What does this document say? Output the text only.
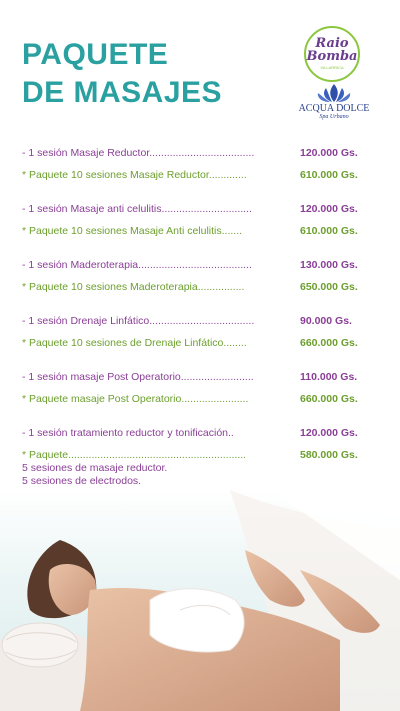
PAQUETE
DE MASAJES
Raio
Bomba
VILLARRICA
ACQUA DOLCE
Spa Urbano
- 1 sesión Masaje Reductor....................................	120.000 Gs.
* Paquete 10 sesiones Masaje Reductor.............	610.000 Gs.
- 1 sesión Masaje anti celulitis...............................	120.000 Gs.
* Paquete 10 sesiones Masaje Anti celulitis.......	610.000 Gs.
- 1 sesión Maderoterapia.......................................	130.000 Gs.
* Paquete 10 sesiones Maderoterapia................	650.000 Gs.
- 1 sesión Drenaje Linfático....................................	90.000 Gs.
* Paquete 10 sesiones de Drenaje Linfático........	660.000 Gs.
- 1 sesión masaje Post Operatorio.........................	110.000 Gs.
* Paquete masaje Post Operatorio.......................	660.000 Gs.
- 1 sesión tratamiento reductor y tonificación..	120.000 Gs.
* Paquete.............................................................	580.000 Gs.
5 sesiones de masaje reductor.
5 sesiones de electrodos.
